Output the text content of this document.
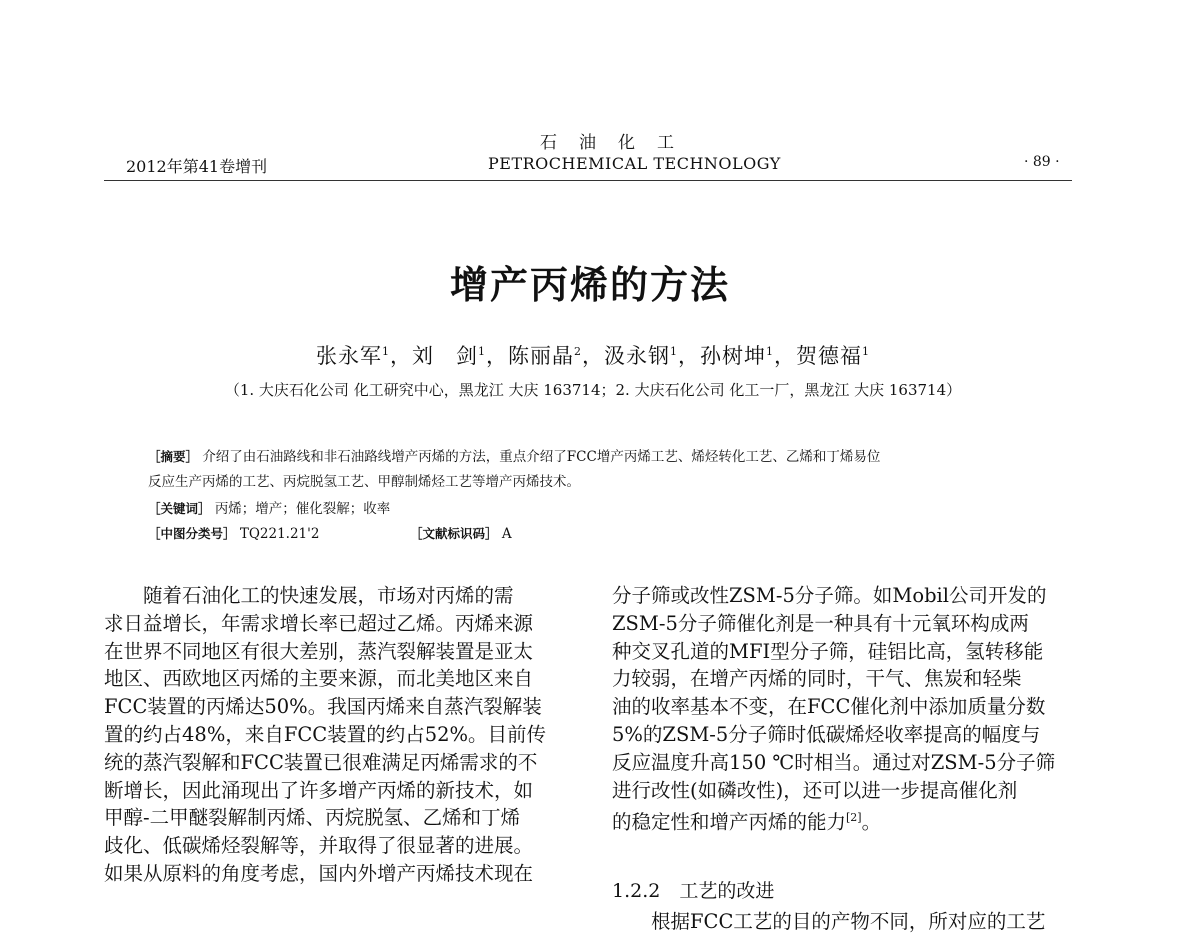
石油化工
2012年第41卷增刊	PETROCHEMICAL TECHNOLOGY	· 89 ·
增产丙烯的方法
张永军$^1$，刘　剑$^1$，陈丽晶$^2$，汲永钢$^1$，孙树坤$^1$，贺德福$^1$
（1. 大庆石化公司 化工研究中心，黑龙江 大庆 163714；2. 大庆石化公司 化工一厂，黑龙江 大庆 163714）
［摘要］ 介绍了由石油路线和非石油路线增产丙烯的方法，重点介绍了FCC增产丙烯工艺、烯烃转化工艺、乙烯和丁烯易位
反应生产丙烯的工艺、丙烷脱氢工艺、甲醇制烯烃工艺等增产丙烯技术。
［关键词］ 丙烯；增产；催化裂解；收率
［中图分类号］ TQ221.21'2	［文献标识码］ A
　　随着石油化工的快速发展，市场对丙烯的需
求日益增长，年需求增长率已超过乙烯。丙烯来源
在世界不同地区有很大差别，蒸汽裂解装置是亚太
地区、西欧地区丙烯的主要来源，而北美地区来自
FCC装置的丙烯达50%。我国丙烯来自蒸汽裂解装
置的约占48%，来自FCC装置的约占52%。目前传
统的蒸汽裂解和FCC装置已很难满足丙烯需求的不
断增长，因此涌现出了许多增产丙烯的新技术，如
甲醇-二甲醚裂解制丙烯、丙烷脱氢、乙烯和丁烯
歧化、低碳烯烃裂解等，并取得了很显著的进展。
如果从原料的角度考虑，国内外增产丙烯技术现在
分子筛或改性ZSM-5分子筛。如Mobil公司开发的
ZSM-5分子筛催化剂是一种具有十元氧环构成两
种交叉孔道的MFI型分子筛，硅铝比高，氢转移能
力较弱，在增产丙烯的同时，干气、焦炭和轻柴
油的收率基本不变，在FCC催化剂中添加质量分数
5%的ZSM-5分子筛时低碳烯烃收率提高的幅度与
反应温度升高150 ℃时相当。通过对ZSM-5分子筛
进行改性(如磷改性)，还可以进一步提高催化剂
的稳定性和增产丙烯的能力[2]。
1.2.2　工艺的改进
　　根据FCC工艺的目的产物不同，所对应的工艺
